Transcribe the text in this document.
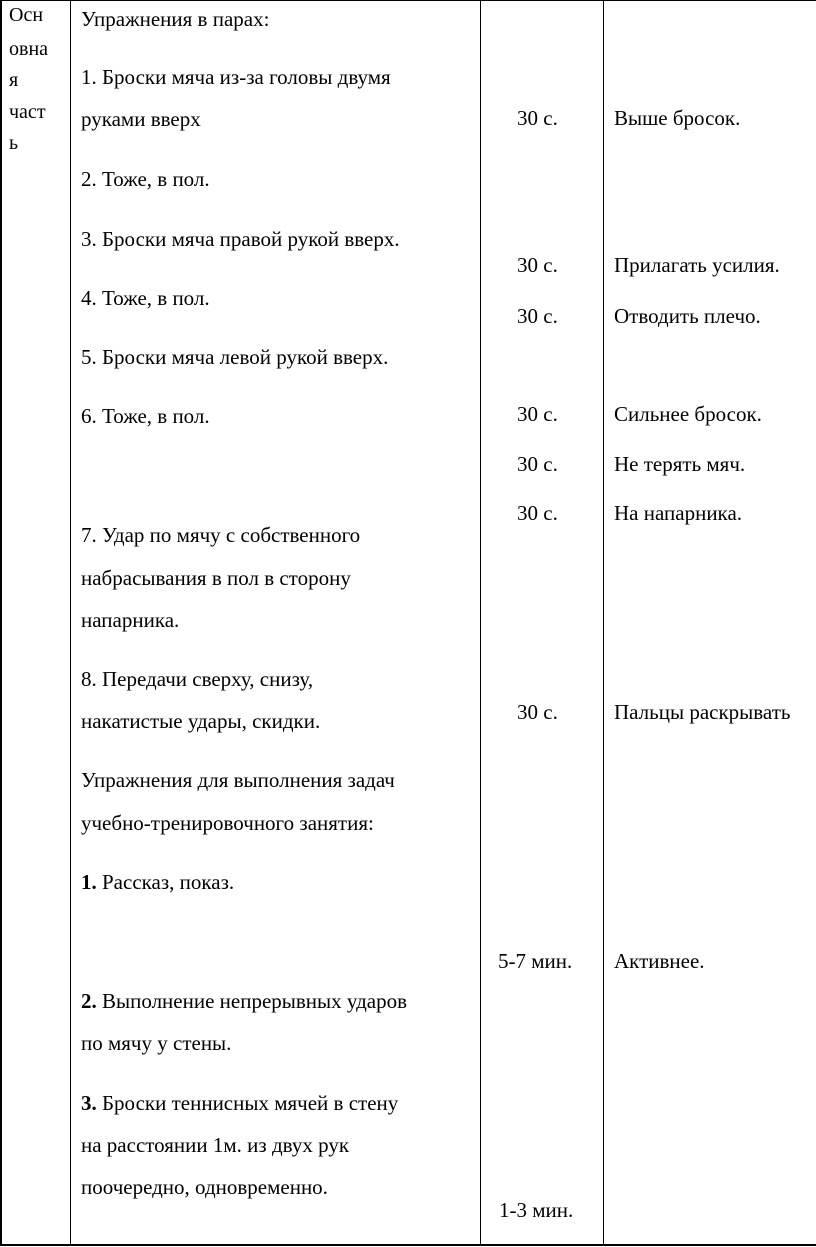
Осн
овна
я
част
ь
Упражнения в парах:
1. Броски мяча из-за головы двумя
руками вверх
2. Тоже, в пол.
3. Броски мяча правой рукой вверх.
4. Тоже, в пол.
5. Броски мяча левой рукой вверх.
6. Тоже, в пол.
7. Удар по мячу с собственного
набрасывания в пол в сторону
напарника.
8. Передачи сверху, снизу,
накатистые удары, скидки.
Упражнения для выполнения задач
учебно-тренировочного занятия:
1. Рассказ, показ.
2. Выполнение непрерывных ударов
по мячу у стены.
3. Броски теннисных мячей в стену
на расстоянии 1м. из двух рук
поочередно, одновременно.
30 с.
30 с.
30 с.
30 с.
30 с.
30 с.
30 с.
5-7 мин.
1-3 мин.
Выше бросок.
Прилагать усилия.
Отводить плечо.
Сильнее бросок.
Не терять мяч.
На напарника.
Пальцы раскрывать
Активнее.
